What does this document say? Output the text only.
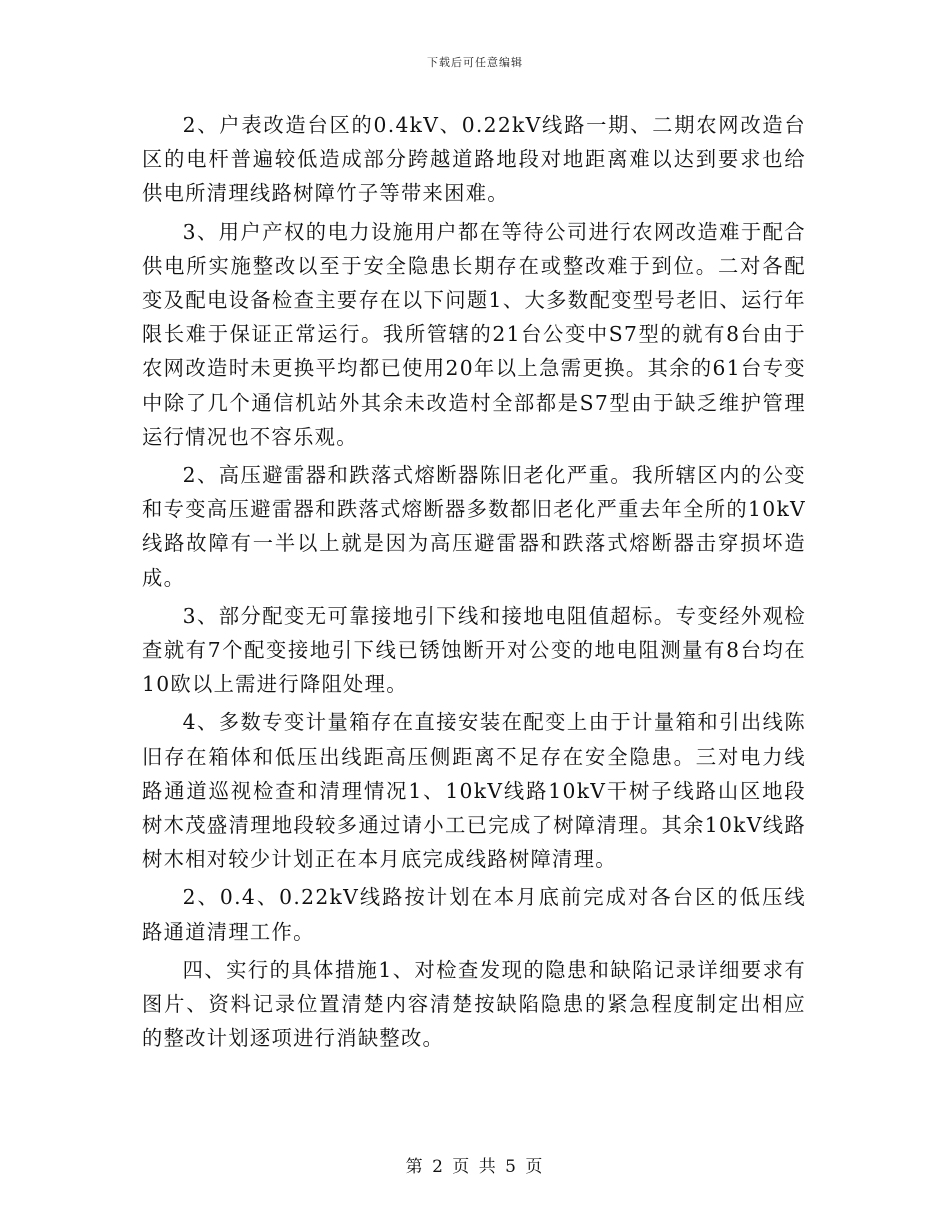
下载后可任意编辑

2、户表改造台区的0.4kV、0.22kV线路一期、二期农网改造台区的电杆普遍较低造成部分跨越道路地段对地距离难以达到要求也给供电所清理线路树障竹子等带来困难。

3、用户产权的电力设施用户都在等待公司进行农网改造难于配合供电所实施整改以至于安全隐患长期存在或整改难于到位。二对各配变及配电设备检查主要存在以下问题1、大多数配变型号老旧、运行年限长难于保证正常运行。我所管辖的21台公变中S7型的就有8台由于农网改造时未更换平均都已使用20年以上急需更换。其余的61台专变中除了几个通信机站外其余未改造村全部都是S7型由于缺乏维护管理运行情况也不容乐观。

2、高压避雷器和跌落式熔断器陈旧老化严重。我所辖区内的公变和专变高压避雷器和跌落式熔断器多数都旧老化严重去年全所的10kV线路故障有一半以上就是因为高压避雷器和跌落式熔断器击穿损坏造成。

3、部分配变无可靠接地引下线和接地电阻值超标。专变经外观检查就有7个配变接地引下线已锈蚀断开对公变的地电阻测量有8台均在10欧以上需进行降阻处理。

4、多数专变计量箱存在直接安装在配变上由于计量箱和引出线陈旧存在箱体和低压出线距高压侧距离不足存在安全隐患。三对电力线路通道巡视检查和清理情况1、10kV线路10kV干树子线路山区地段树木茂盛清理地段较多通过请小工已完成了树障清理。其余10kV线路树木相对较少计划正在本月底完成线路树障清理。

2、0.4、0.22kV线路按计划在本月底前完成对各台区的低压线路通道清理工作。

四、实行的具体措施1、对检查发现的隐患和缺陷记录详细要求有图片、资料记录位置清楚内容清楚按缺陷隐患的紧急程度制定出相应的整改计划逐项进行消缺整改。

第 2 页 共 5 页
